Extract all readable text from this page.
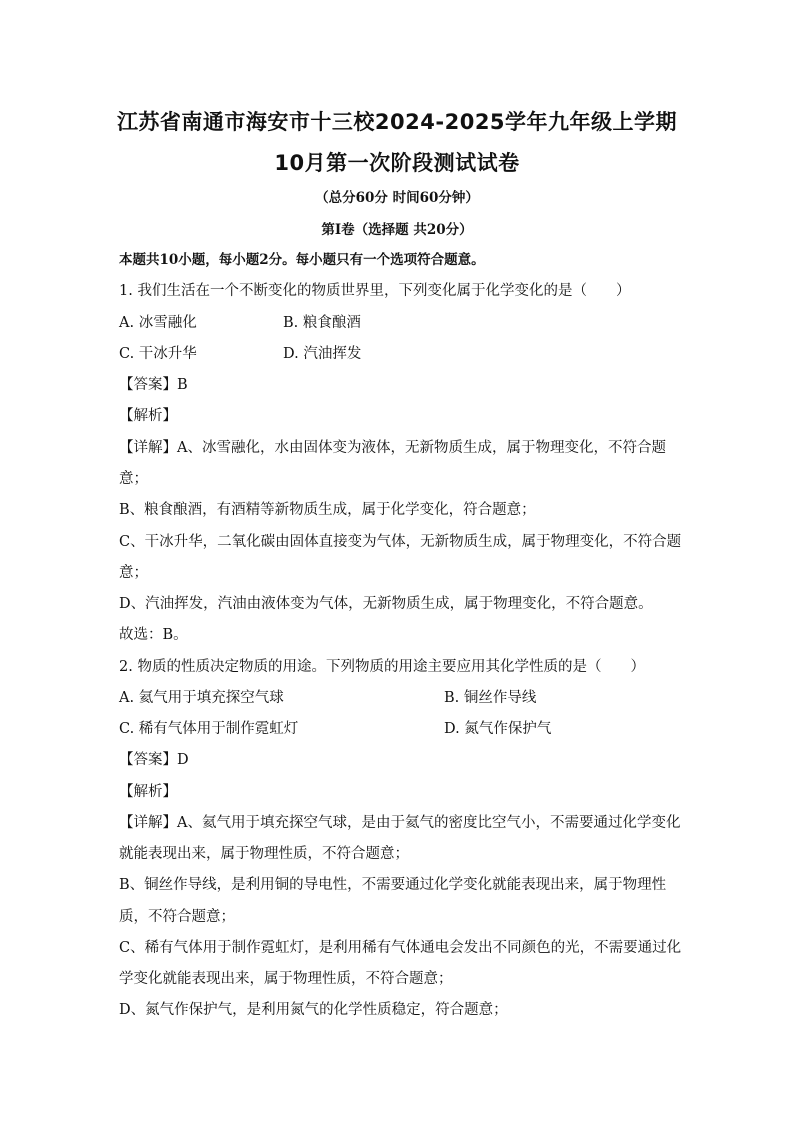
江苏省南通市海安市十三校2024-2025学年九年级上学期
10月第一次阶段测试试卷
（总分60分 时间60分钟）
第Ⅰ卷（选择题 共20分）
本题共10小题，每小题2分。每小题只有一个选项符合题意。
1. 我们生活在一个不断变化的物质世界里，下列变化属于化学变化的是（　　）
A. 冰雪融化	B. 粮食酿酒
C. 干冰升华	D. 汽油挥发
【答案】B
【解析】
【详解】A、冰雪融化，水由固体变为液体，无新物质生成，属于物理变化，不符合题
意；
B、粮食酿酒，有酒精等新物质生成，属于化学变化，符合题意；
C、干冰升华，二氧化碳由固体直接变为气体，无新物质生成，属于物理变化，不符合题
意；
D、汽油挥发，汽油由液体变为气体，无新物质生成，属于物理变化，不符合题意。
故选：B。
2. 物质的性质决定物质的用途。下列物质的用途主要应用其化学性质的是（　　）
A. 氦气用于填充探空气球	B. 铜丝作导线
C. 稀有气体用于制作霓虹灯	D. 氮气作保护气
【答案】D
【解析】
【详解】A、氦气用于填充探空气球，是由于氦气的密度比空气小，不需要通过化学变化
就能表现出来，属于物理性质，不符合题意；
B、铜丝作导线，是利用铜的导电性，不需要通过化学变化就能表现出来，属于物理性
质，不符合题意；
C、稀有气体用于制作霓虹灯，是利用稀有气体通电会发出不同颜色的光，不需要通过化
学变化就能表现出来，属于物理性质，不符合题意；
D、氮气作保护气，是利用氮气的化学性质稳定，符合题意；
